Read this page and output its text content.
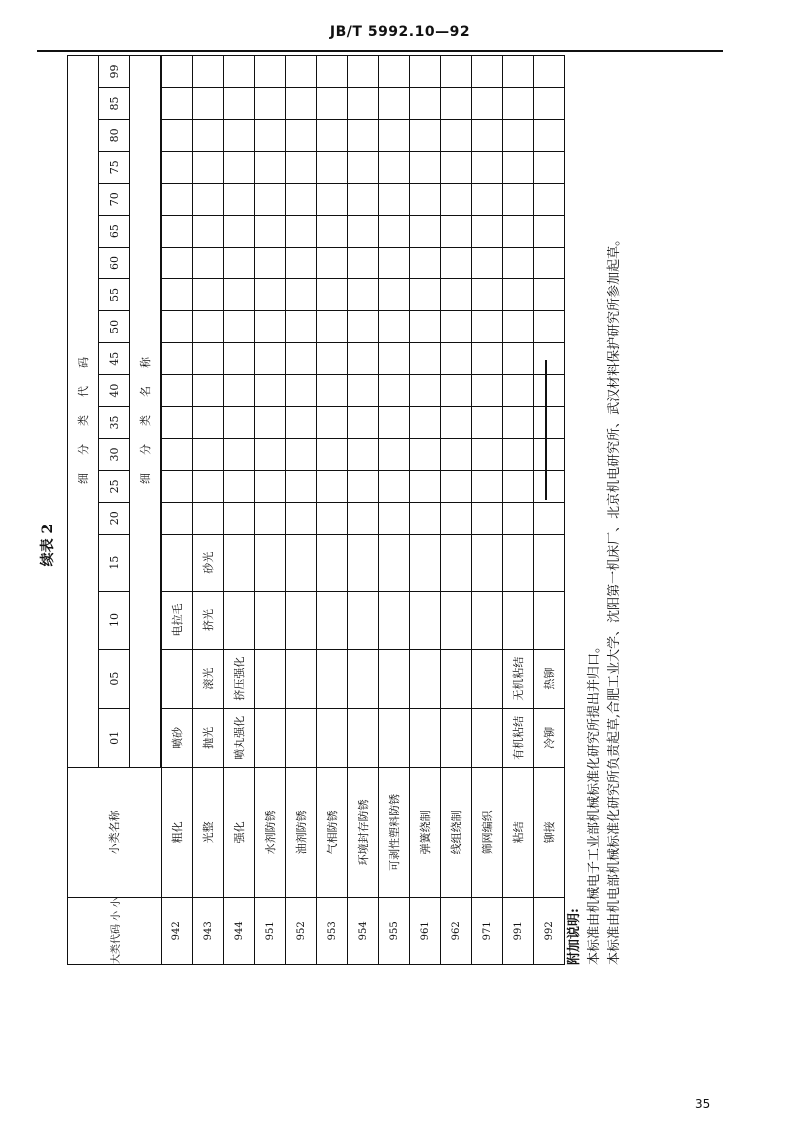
JB/T 5992.10—92
续表 2
大类代码 小 小	小类名称	细分类代码																		
		01	05	10	15	20	25	30	35	40	45	50	55	60	65	70	75	80	85	99
		细分类名称																		
942	粗化	喷砂		电拉毛																
943	光整	抛光	滚光	挤光	砂光															
944	强化	喷丸强化	挤压强化																	
951	水剂防锈																			
952	油剂防锈																			
953	气相防锈																			
954	环境封存防锈																			
955	可剥性塑料防锈																			
961	弹簧绕制																			
962	线组绕制																			
971	筛网编织																			
991	粘结	有机粘结	无机粘结																	
992	铆接	冷铆	热铆																	
附加说明: 本标准由机械电子工业部机械标准化研究所提出并归口。 本标准由机电部机械标准化研究所负责起草,合肥工业大学、沈阳第一机床厂、北京机电研究所、武汉材料保护研究所参加起草。
35
